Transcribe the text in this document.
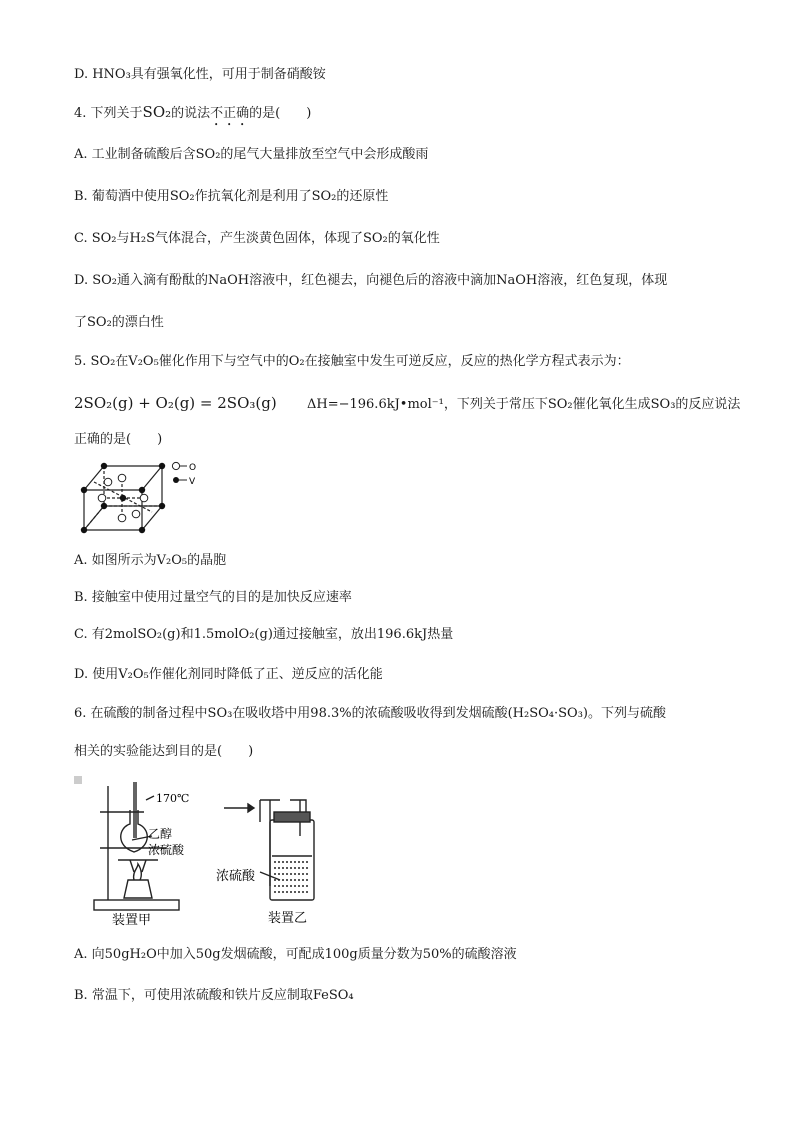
D. HNO₃具有强氧化性，可用于制备硝酸铵
4. 下列关于SO₂的说法不正确的是(　　)
A. 工业制备硫酸后含SO₂的尾气大量排放至空气中会形成酸雨
B. 葡萄酒中使用SO₂作抗氧化剂是利用了SO₂的还原性
C. SO₂与H₂S气体混合，产生淡黄色固体，体现了SO₂的氧化性
D. SO₂通入滴有酚酞的NaOH溶液中，红色褪去，向褪色后的溶液中滴加NaOH溶液，红色复现，体现
了SO₂的漂白性
5. SO₂在V₂O₅催化作用下与空气中的O₂在接触室中发生可逆反应，反应的热化学方程式表示为：
2SO₂(g) + O₂(g) = 2SO₃(g) ΔH=−196.6kJ•mol⁻¹，下列关于常压下SO₂催化氧化生成SO₃的反应说法
正确的是(　　)
O
V
A. 如图所示为V₂O₅的晶胞
B. 接触室中使用过量空气的目的是加快反应速率
C. 有2molSO₂(g)和1.5molO₂(g)通过接触室，放出196.6kJ热量
D. 使用V₂O₅作催化剂同时降低了正、逆反应的活化能
6. 在硫酸的制备过程中SO₃在吸收塔中用98.3%的浓硫酸吸收得到发烟硫酸(H₂SO₄·SO₃)。下列与硫酸
相关的实验能达到目的是(　　)
170℃
乙醇
浓硫酸
装置甲
浓硫酸
装置乙
A. 向50gH₂O中加入50g发烟硫酸，可配成100g质量分数为50%的硫酸溶液
B. 常温下，可使用浓硫酸和铁片反应制取FeSO₄
